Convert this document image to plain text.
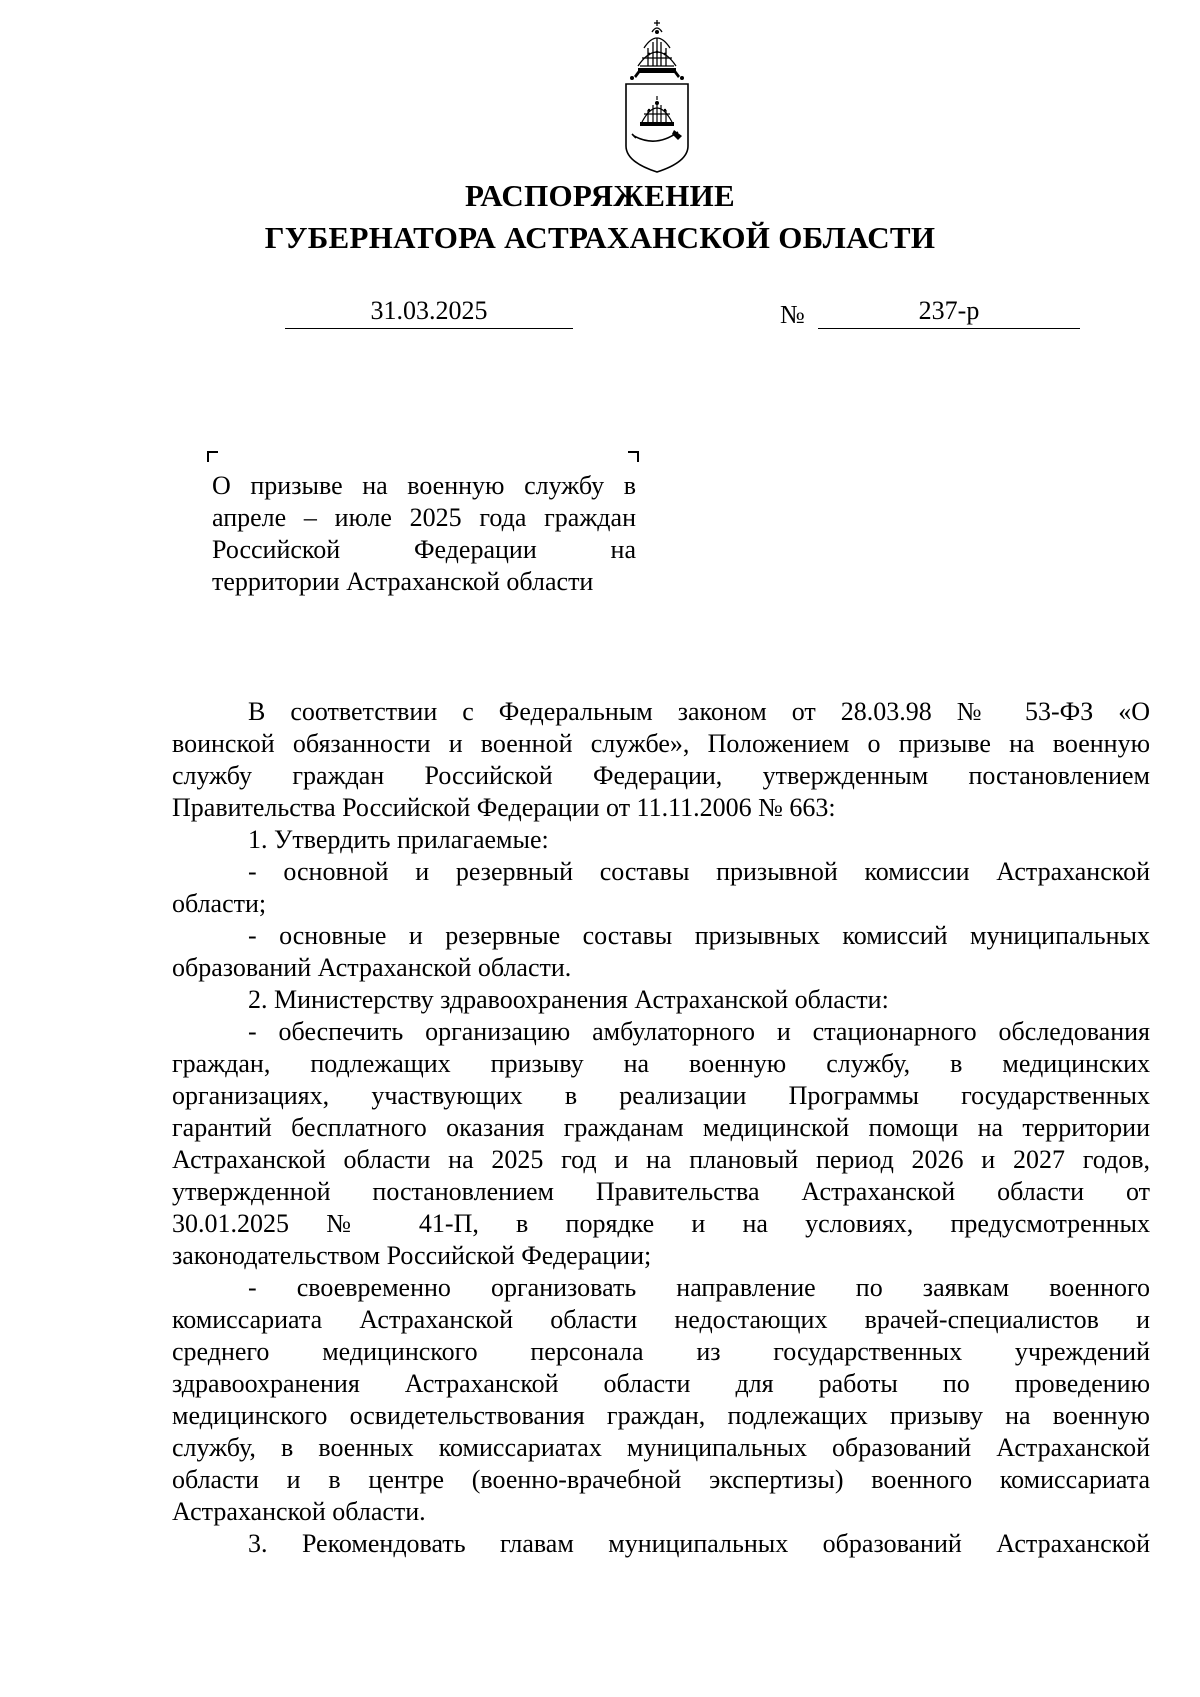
РАСПОРЯЖЕНИЕ
ГУБЕРНАТОРА АСТРАХАНСКОЙ ОБЛАСТИ
31.03.2025	№	237-р
О призыве на военную службу в
апреле – июле 2025 года граждан
Российской Федерации на
территории Астраханской области
В соответствии с Федеральным законом от 28.03.98 № 53-ФЗ «О
воинской обязанности и военной службе», Положением о призыве на военную
службу граждан Российской Федерации, утвержденным постановлением
Правительства Российской Федерации от 11.11.2006 № 663:
1. Утвердить прилагаемые:
- основной и резервный составы призывной комиссии Астраханской
области;
- основные и резервные составы призывных комиссий муниципальных
образований Астраханской области.
2. Министерству здравоохранения Астраханской области:
- обеспечить организацию амбулаторного и стационарного обследования
граждан, подлежащих призыву на военную службу, в медицинских
организациях, участвующих в реализации Программы государственных
гарантий бесплатного оказания гражданам медицинской помощи на территории
Астраханской области на 2025 год и на плановый период 2026 и 2027 годов,
утвержденной постановлением Правительства Астраханской области от
30.01.2025 № 41-П, в порядке и на условиях, предусмотренных
законодательством Российской Федерации;
- своевременно организовать направление по заявкам военного
комиссариата Астраханской области недостающих врачей-специалистов и
среднего медицинского персонала из государственных учреждений
здравоохранения Астраханской области для работы по проведению
медицинского освидетельствования граждан, подлежащих призыву на военную
службу, в военных комиссариатах муниципальных образований Астраханской
области и в центре (военно-врачебной экспертизы) военного комиссариата
Астраханской области.
3. Рекомендовать главам муниципальных образований Астраханской
